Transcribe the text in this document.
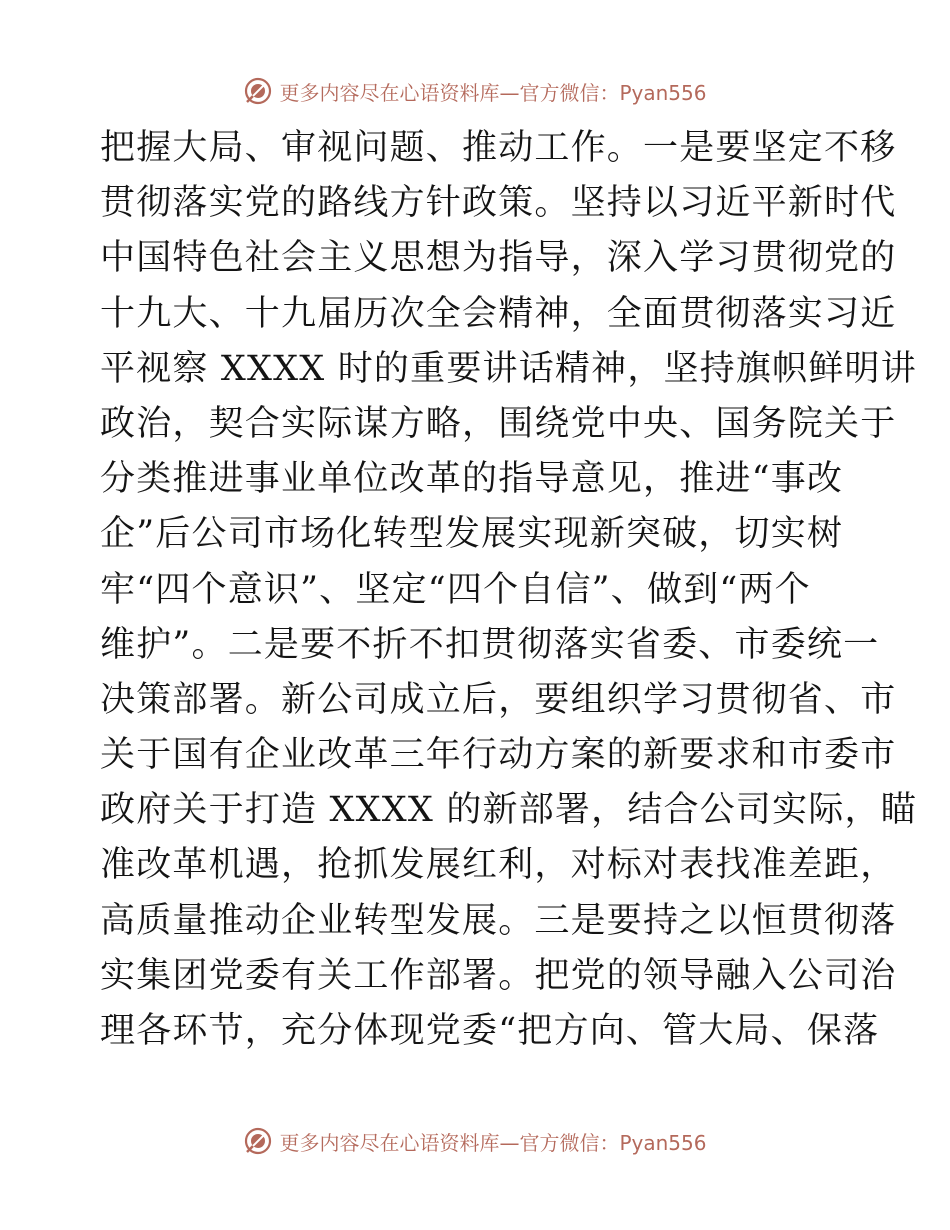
更多内容尽在心语资料库—官方微信：Pyan556
把握大局、审视问题、推动工作。一是要坚定不移
贯彻落实党的路线方针政策。坚持以习近平新时代
中国特色社会主义思想为指导，深入学习贯彻党的
十九大、十九届历次全会精神，全面贯彻落实习近
平视察 XXXX 时的重要讲话精神，坚持旗帜鲜明讲
政治，契合实际谋方略，围绕党中央、国务院关于
分类推进事业单位改革的指导意见，推进“事改
企”后公司市场化转型发展实现新突破，切实树
牢“四个意识”、坚定“四个自信”、做到“两个
维护”。二是要不折不扣贯彻落实省委、市委统一
决策部署。新公司成立后，要组织学习贯彻省、市
关于国有企业改革三年行动方案的新要求和市委市
政府关于打造 XXXX 的新部署，结合公司实际，瞄
准改革机遇，抢抓发展红利，对标对表找准差距，
高质量推动企业转型发展。三是要持之以恒贯彻落
实集团党委有关工作部署。把党的领导融入公司治
理各环节，充分体现党委“把方向、管大局、保落
更多内容尽在心语资料库—官方微信：Pyan556
